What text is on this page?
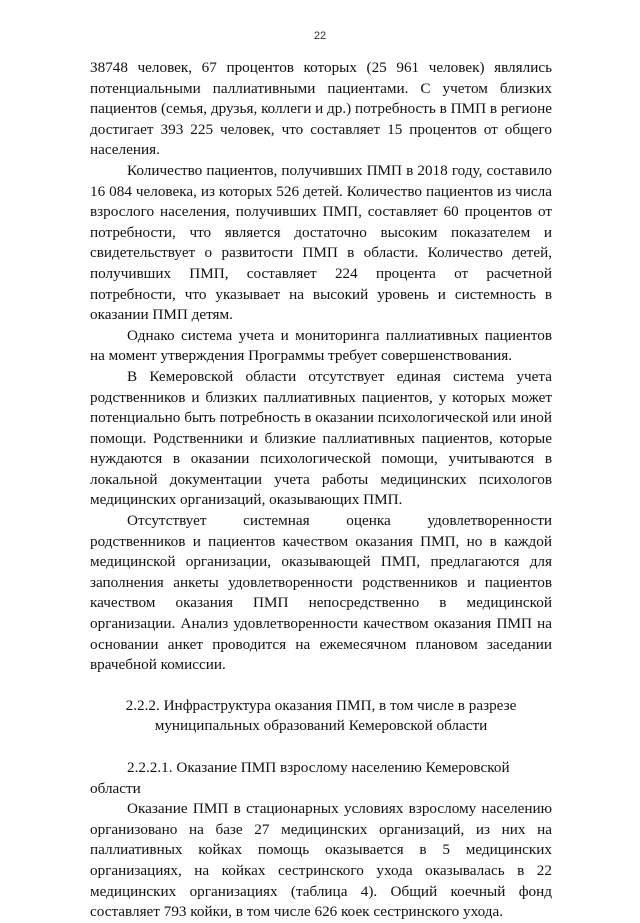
22

38748 человек, 67 процентов которых (25 961 человек) являлись потенциальными паллиативными пациентами. С учетом близких пациентов (семья, друзья, коллеги и др.) потребность в ПМП в регионе достигает 393 225 человек, что составляет 15 процентов от общего населения.

Количество пациентов, получивших ПМП в 2018 году, составило 16 084 человека, из которых 526 детей. Количество пациентов из числа взрослого населения, получивших ПМП, составляет 60 процентов от потребности, что является достаточно высоким показателем и свидетельствует о развитости ПМП в области. Количество детей, получивших ПМП, составляет 224 процента от расчетной потребности, что указывает на высокий уровень и системность в оказании ПМП детям.

Однако система учета и мониторинга паллиативных пациентов на момент утверждения Программы требует совершенствования.

В Кемеровской области отсутствует единая система учета родственников и близких паллиативных пациентов, у которых может потенциально быть потребность в оказании психологической или иной помощи. Родственники и близкие паллиативных пациентов, которые нуждаются в оказании психологической помощи, учитываются в локальной документации учета работы медицинских психологов медицинских организаций, оказывающих ПМП.

Отсутствует системная оценка удовлетворенности родственников и пациентов качеством оказания ПМП, но в каждой медицинской организации, оказывающей ПМП, предлагаются для заполнения анкеты удовлетворенности родственников и пациентов качеством оказания ПМП непосредственно в медицинской организации. Анализ удовлетворенности качеством оказания ПМП на основании анкет проводится на ежемесячном плановом заседании врачебной комиссии.

2.2.2. Инфраструктура оказания ПМП, в том числе в разрезе
муниципальных образований Кемеровской области
2.2.2.1. Оказание ПМП взрослому населению Кемеровской области

Оказание ПМП в стационарных условиях взрослому населению организовано на базе 27 медицинских организаций, из них на паллиативных койках помощь оказывается в 5 медицинских организациях, на койках сестринского ухода оказывалась в 22 медицинских организациях (таблица 4). Общий коечный фонд составляет 793 койки, в том числе 626 коек сестринского ухода.
